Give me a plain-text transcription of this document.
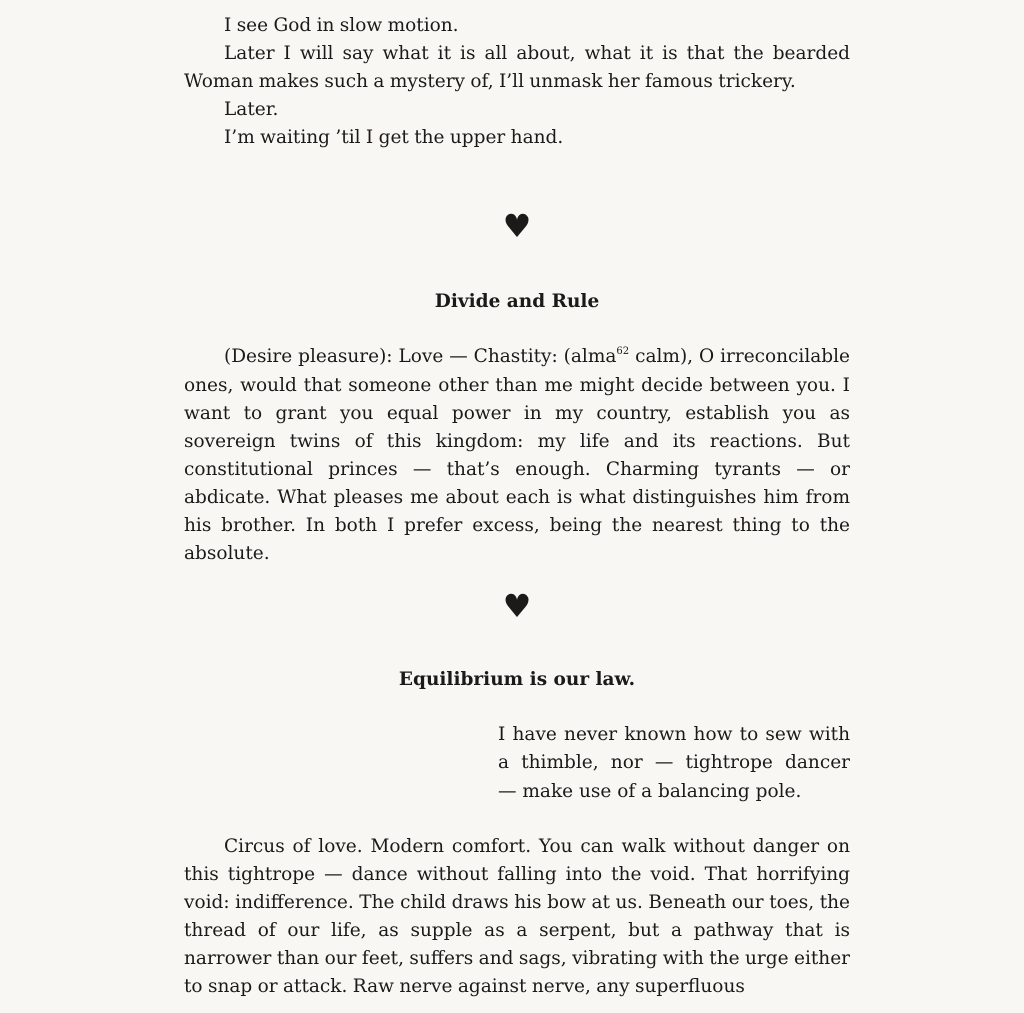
I see God in slow motion.

Later I will say what it is all about, what it is that the bearded Woman makes such a mystery of, I’ll unmask her famous trickery.

Later.

I’m waiting ’til I get the upper hand.

♥
Divide and Rule

(Desire pleasure): Love — Chastity: (alma$^{62}$ calm), O irreconcilable ones, would that someone other than me might decide between you. I want to grant you equal power in my country, establish you as sovereign twins of this kingdom: my life and its reactions. But constitutional princes — that’s enough. Charming tyrants — or abdicate. What pleases me about each is what distinguishes him from his brother. In both I prefer excess, being the nearest thing to the absolute.

♥
Equilibrium is our law.
I have never known how to sew with
a thimble, nor — tightrope dancer
— make use of a balancing pole.

Circus of love. Modern comfort. You can walk without danger on this tightrope — dance without falling into the void. That horrifying void: indifference. The child draws his bow at us. Beneath our toes, the thread of our life, as supple as a serpent, but a pathway that is narrower than our feet, suffers and sags, vibrating with the urge either to snap or attack. Raw nerve against nerve, any superfluous
